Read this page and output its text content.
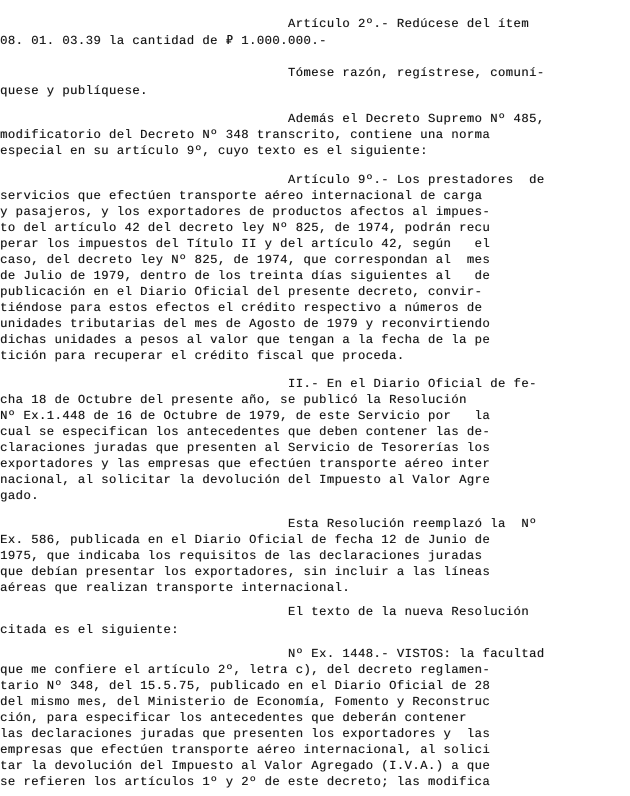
Artículo 2º.- Redúcese del ítem
08. 01. 03.39 la cantidad de ₽ 1.000.000.-
Tómese razón, regístrese, comuní-
quese y publíquese.
Además el Decreto Supremo Nº 485,
modificatorio del Decreto Nº 348 transcrito, contiene una norma
especial en su artículo 9º, cuyo texto es el siguiente:
Artículo 9º.- Los prestadores  de
servicios que efectúen transporte aéreo internacional de carga
y pasajeros, y los exportadores de productos afectos al impues-
to del artículo 42 del decreto ley Nº 825, de 1974, podrán recu
perar los impuestos del Título II y del artículo 42, según   el
caso, del decreto ley Nº 825, de 1974, que correspondan al  mes
de Julio de 1979, dentro de los treinta días siguientes al   de
publicación en el Diario Oficial del presente decreto, convir-
tiéndose para estos efectos el crédito respectivo a números de
unidades tributarias del mes de Agosto de 1979 y reconvirtiendo
dichas unidades a pesos al valor que tengan a la fecha de la pe
tición para recuperar el crédito fiscal que proceda.
II.- En el Diario Oficial de fe-
cha 18 de Octubre del presente año, se publicó la Resolución
Nº Ex.1.448 de 16 de Octubre de 1979, de este Servicio por   la
cual se especifican los antecedentes que deben contener las de-
claraciones juradas que presenten al Servicio de Tesorerías los
exportadores y las empresas que efectúen transporte aéreo inter
nacional, al solicitar la devolución del Impuesto al Valor Agre
gado.
Esta Resolución reemplazó la  Nº
Ex. 586, publicada en el Diario Oficial de fecha 12 de Junio de
1975, que indicaba los requisitos de las declaraciones juradas
que debían presentar los exportadores, sin incluir a las líneas
aéreas que realizan transporte internacional.
El texto de la nueva Resolución
citada es el siguiente:
Nº Ex. 1448.- VISTOS: la facultad
que me confiere el artículo 2º, letra c), del decreto reglamen-
tario Nº 348, del 15.5.75, publicado en el Diario Oficial de 28
del mismo mes, del Ministerio de Economía, Fomento y Reconstruc
ción, para especificar los antecedentes que deberán contener
las declaraciones juradas que presenten los exportadores y  las
empresas que efectúen transporte aéreo internacional, al solici
tar la devolución del Impuesto al Valor Agregado (I.V.A.) a que
se refieren los artículos 1º y 2º de este decreto; las modifica
